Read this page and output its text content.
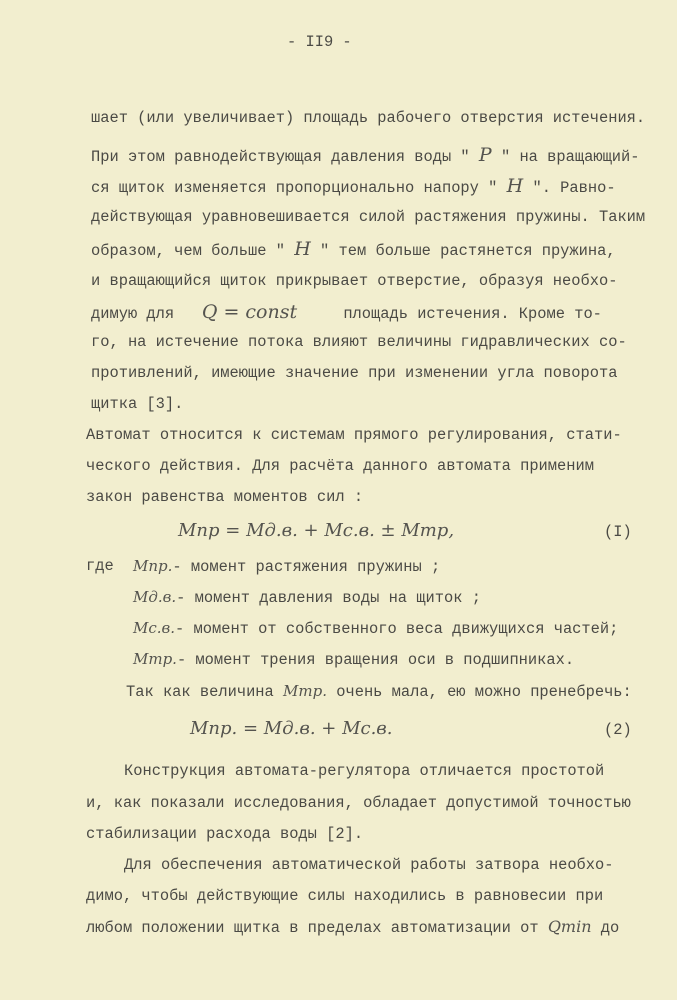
- II9 -
шает (или увеличивает) площадь рабочего отверстия истечения.
При этом равнодействующая давления воды " P " на вращающий-
ся щиток изменяется пропорционально напору " H ". Равно-
действующая уравновешивается силой растяжения пружины. Таким
образом, чем больше " H " тем больше растянется пружина,
и вращающийся щиток прикрывает отверстие, образуя необхо-
димую для Q = const	площадь истечения. Кроме то-
го, на истечение потока влияют величины гидравлических со-
противлений, имеющие значение при изменении угла поворота
щитка [3].
Автомат относится к системам прямого регулирования, стати-
ческого действия. Для расчёта данного автомата применим
закон равенства моментов сил :
Mпр = Mд.в. + Mс.в. ± Mтр,	(I)
где Mпр.- момент растяжения пружины ;
Mд.в.- момент давления воды на щиток ;
Mс.в.- момент от собственного веса движущихся частей;
Mтр.- момент трения вращения оси в подшипниках.
Так как величина Mтр. очень мала, ею можно пренебречь:
Mпр. = Mд.в. + Mс.в.	(2)
Конструкция автомата-регулятора отличается простотой
и, как показали исследования, обладает допустимой точностью
стабилизации расхода воды [2].
Для обеспечения автоматической работы затвора необхо-
димо, чтобы действующие силы находились в равновесии при
любом положении щитка в пределах автоматизации от Qmin до
